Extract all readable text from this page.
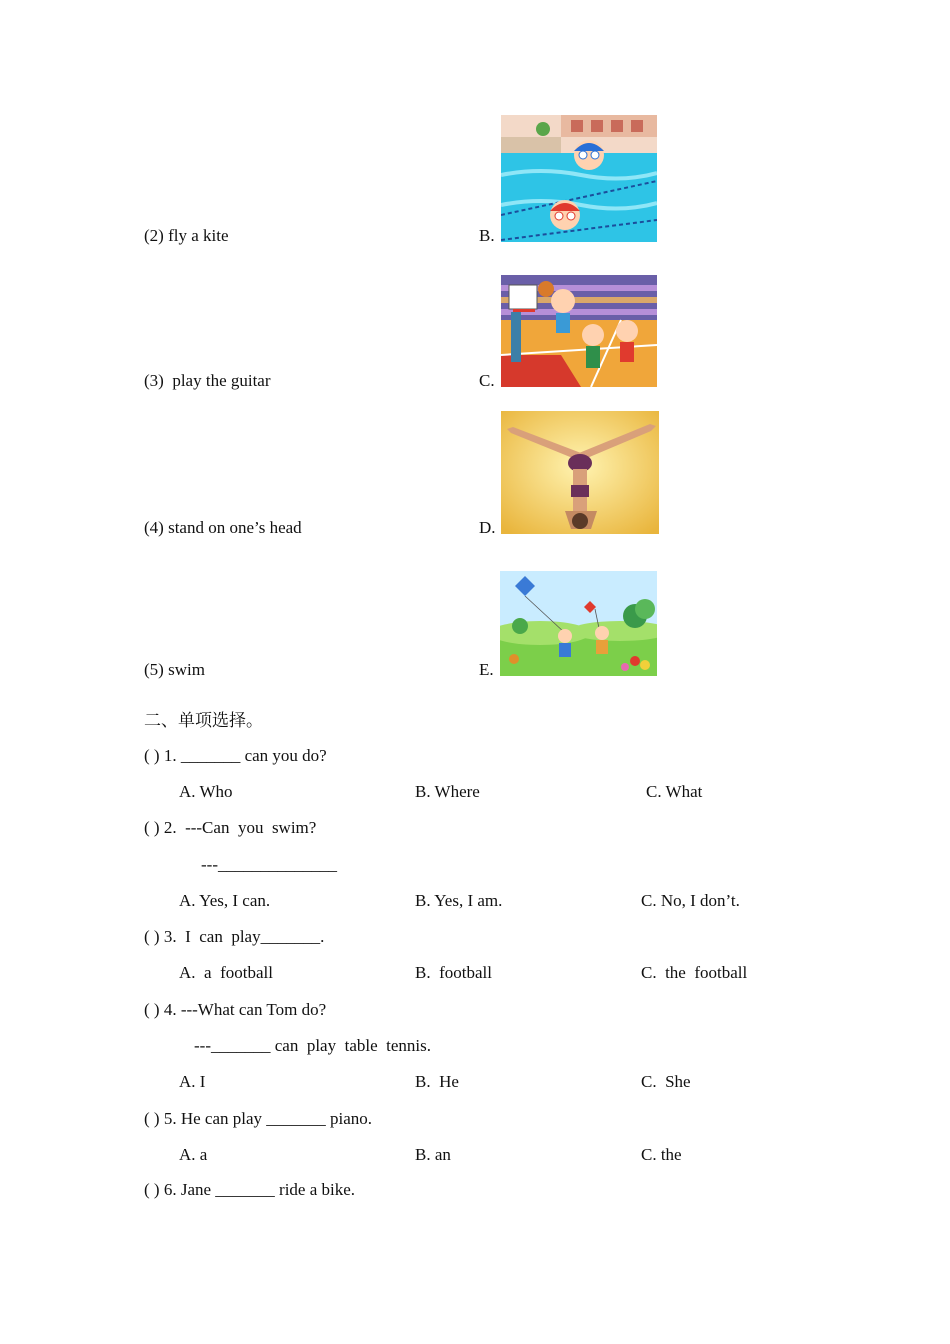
(2) fly a kite	B.
(3)  play the guitar	C.
(4) stand on one’s head	D.
(5) swim	E.
二、单项选择。
( ) 1. _______ can you do?
A. Who	B. Where	C. What
( ) 2.  ---Can  you  swim?
---______________
A. Yes, I can.	B. Yes, I am.	C. No, I don’t.
( ) 3.  I  can  play_______.
A.  a  football	B.  football	C.  the  football
( ) 4. ---What can Tom do?
---_______ can  play  table  tennis.
A. I	B.  He	C.  She
( ) 5. He can play _______ piano.
A. a	B. an	C. the
( ) 6. Jane _______ ride a bike.
